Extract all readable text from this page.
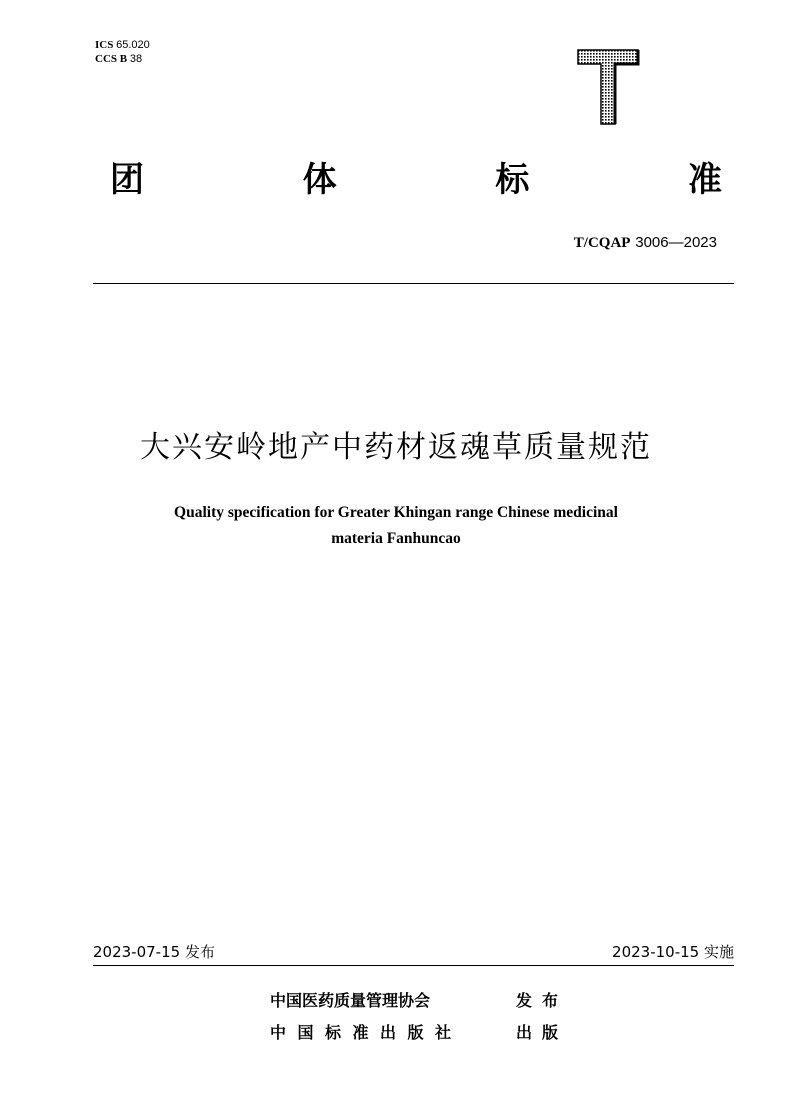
ICS 65.020
CCS B 38
团	体	标	准
T/CQAP 3006—2023
大兴安岭地产中药材返魂草质量规范
Quality specification for Greater Khingan range Chinese medicinal
materia Fanhuncao
2023-07-15 发布	2023-10-15 实施
中国医药质量管理协会	发布
中国标准出版社	出版
